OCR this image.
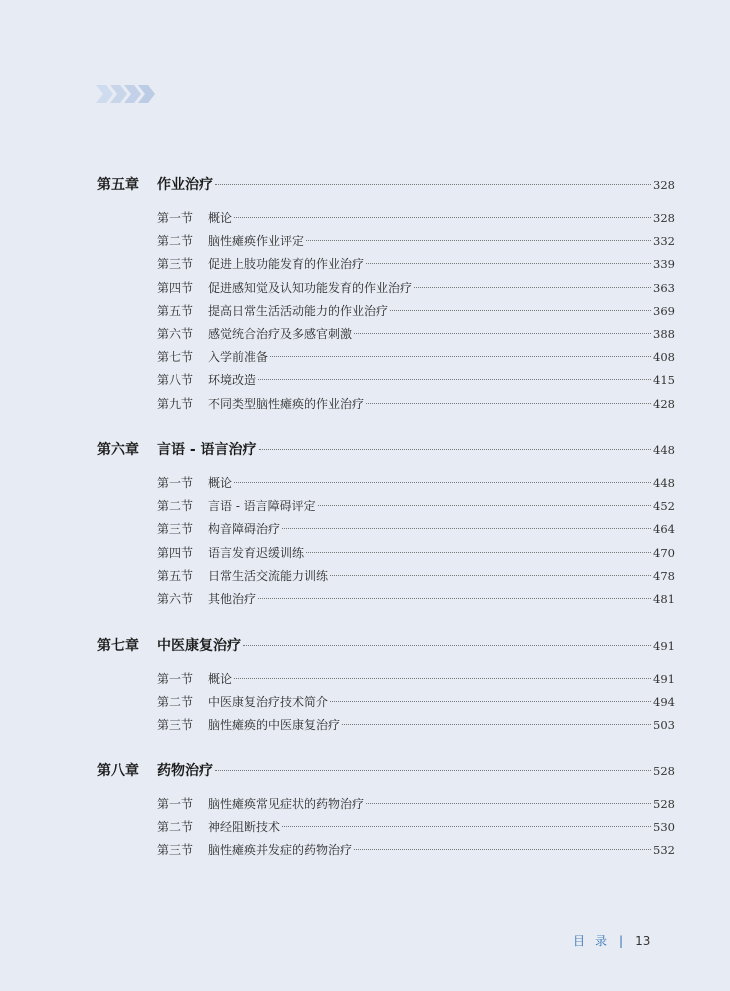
第五章	作业治疗	328
第一节	概论	328
第二节	脑性瘫痪作业评定	332
第三节	促进上肢功能发育的作业治疗	339
第四节	促进感知觉及认知功能发育的作业治疗	363
第五节	提高日常生活活动能力的作业治疗	369
第六节	感觉统合治疗及多感官刺激	388
第七节	入学前准备	408
第八节	环境改造	415
第九节	不同类型脑性瘫痪的作业治疗	428
第六章	言语 - 语言治疗	448
第一节	概论	448
第二节	言语 - 语言障碍评定	452
第三节	构音障碍治疗	464
第四节	语言发育迟缓训练	470
第五节	日常生活交流能力训练	478
第六节	其他治疗	481
第七章	中医康复治疗	491
第一节	概论	491
第二节	中医康复治疗技术简介	494
第三节	脑性瘫痪的中医康复治疗	503
第八章	药物治疗	528
第一节	脑性瘫痪常见症状的药物治疗	528
第二节	神经阻断技术	530
第三节	脑性瘫痪并发症的药物治疗	532
目录 | 13
